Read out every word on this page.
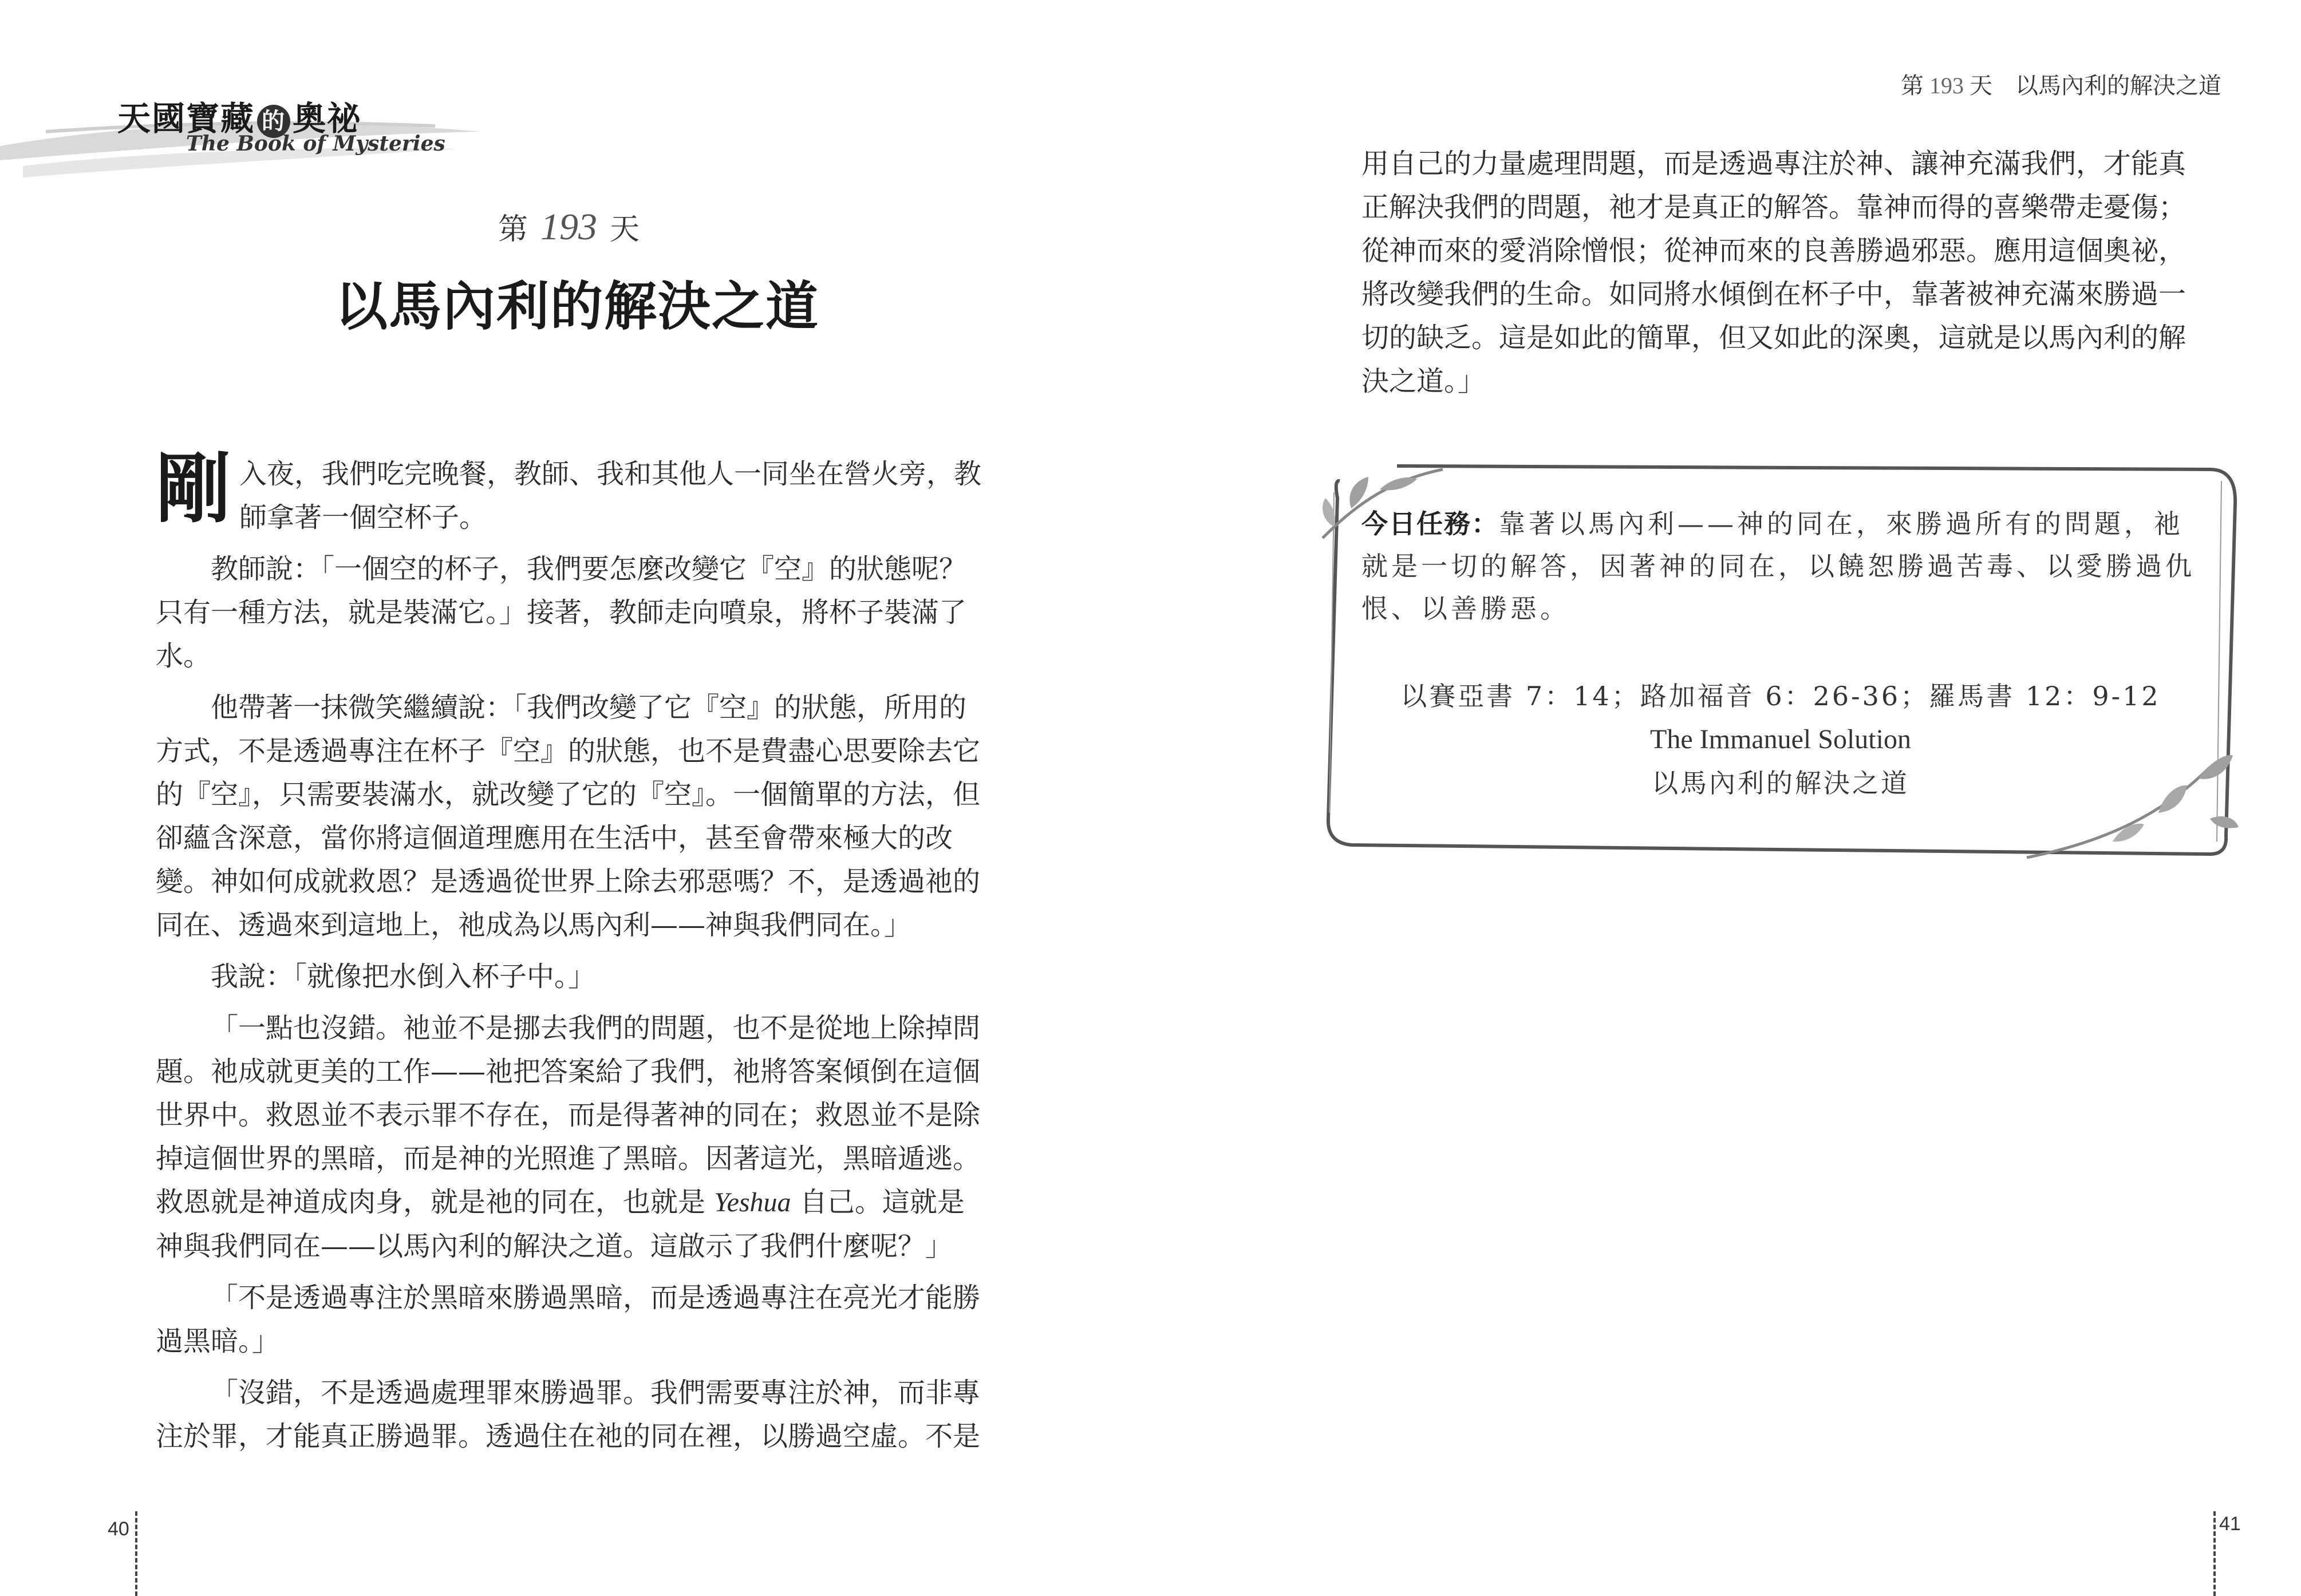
天國寶藏 的 奧祕
The Book of Mysteries
第 193 天
以馬內利的解決之道

剛入夜，我們吃完晚餐，教師、我和其他人一同坐在營火旁，教師拿著一個空杯子。

教師說：「一個空的杯子，我們要怎麼改變它『空』的狀態呢？只有一種方法，就是裝滿它。」接著，教師走向噴泉，將杯子裝滿了水。

他帶著一抹微笑繼續說：「我們改變了它『空』的狀態，所用的方式，不是透過專注在杯子『空』的狀態，也不是費盡心思要除去它的『空』，只需要裝滿水，就改變了它的『空』。一個簡單的方法，但卻蘊含深意，當你將這個道理應用在生活中，甚至會帶來極大的改變。神如何成就救恩？是透過從世界上除去邪惡嗎？不，是透過祂的同在、透過來到這地上，祂成為以馬內利——神與我們同在。」

我說：「就像把水倒入杯子中。」

「一點也沒錯。祂並不是挪去我們的問題，也不是從地上除掉問題。祂成就更美的工作——祂把答案給了我們，祂將答案傾倒在這個世界中。救恩並不表示罪不存在，而是得著神的同在；救恩並不是除掉這個世界的黑暗，而是神的光照進了黑暗。因著這光，黑暗遁逃。救恩就是神道成肉身，就是祂的同在，也就是 Yeshua 自己。這就是神與我們同在——以馬內利的解決之道。這啟示了我們什麼呢？」

「不是透過專注於黑暗來勝過黑暗，而是透過專注在亮光才能勝過黑暗。」

「沒錯，不是透過處理罪來勝過罪。我們需要專注於神，而非專注於罪，才能真正勝過罪。透過住在祂的同在裡，以勝過空虛。不是

第 193 天　 以馬內利的解決之道

用自己的力量處理問題，而是透過專注於神、讓神充滿我們，才能真正解決我們的問題，祂才是真正的解答。靠神而得的喜樂帶走憂傷；從神而來的愛消除憎恨；從神而來的良善勝過邪惡。應用這個奧祕，將改變我們的生命。如同將水傾倒在杯子中，靠著被神充滿來勝過一切的缺乏。這是如此的簡單，但又如此的深奧，這就是以馬內利的解決之道。」

今日任務：靠著以馬內利——神的同在，來勝過所有的問題，祂就是一切的解答，因著神的同在，以饒恕勝過苦毒、以愛勝過仇恨、以善勝惡。
以賽亞書 7：14；路加福音 6：26-36；羅馬書 12：9-12
The Immanuel Solution
以馬內利的解決之道
40	41
